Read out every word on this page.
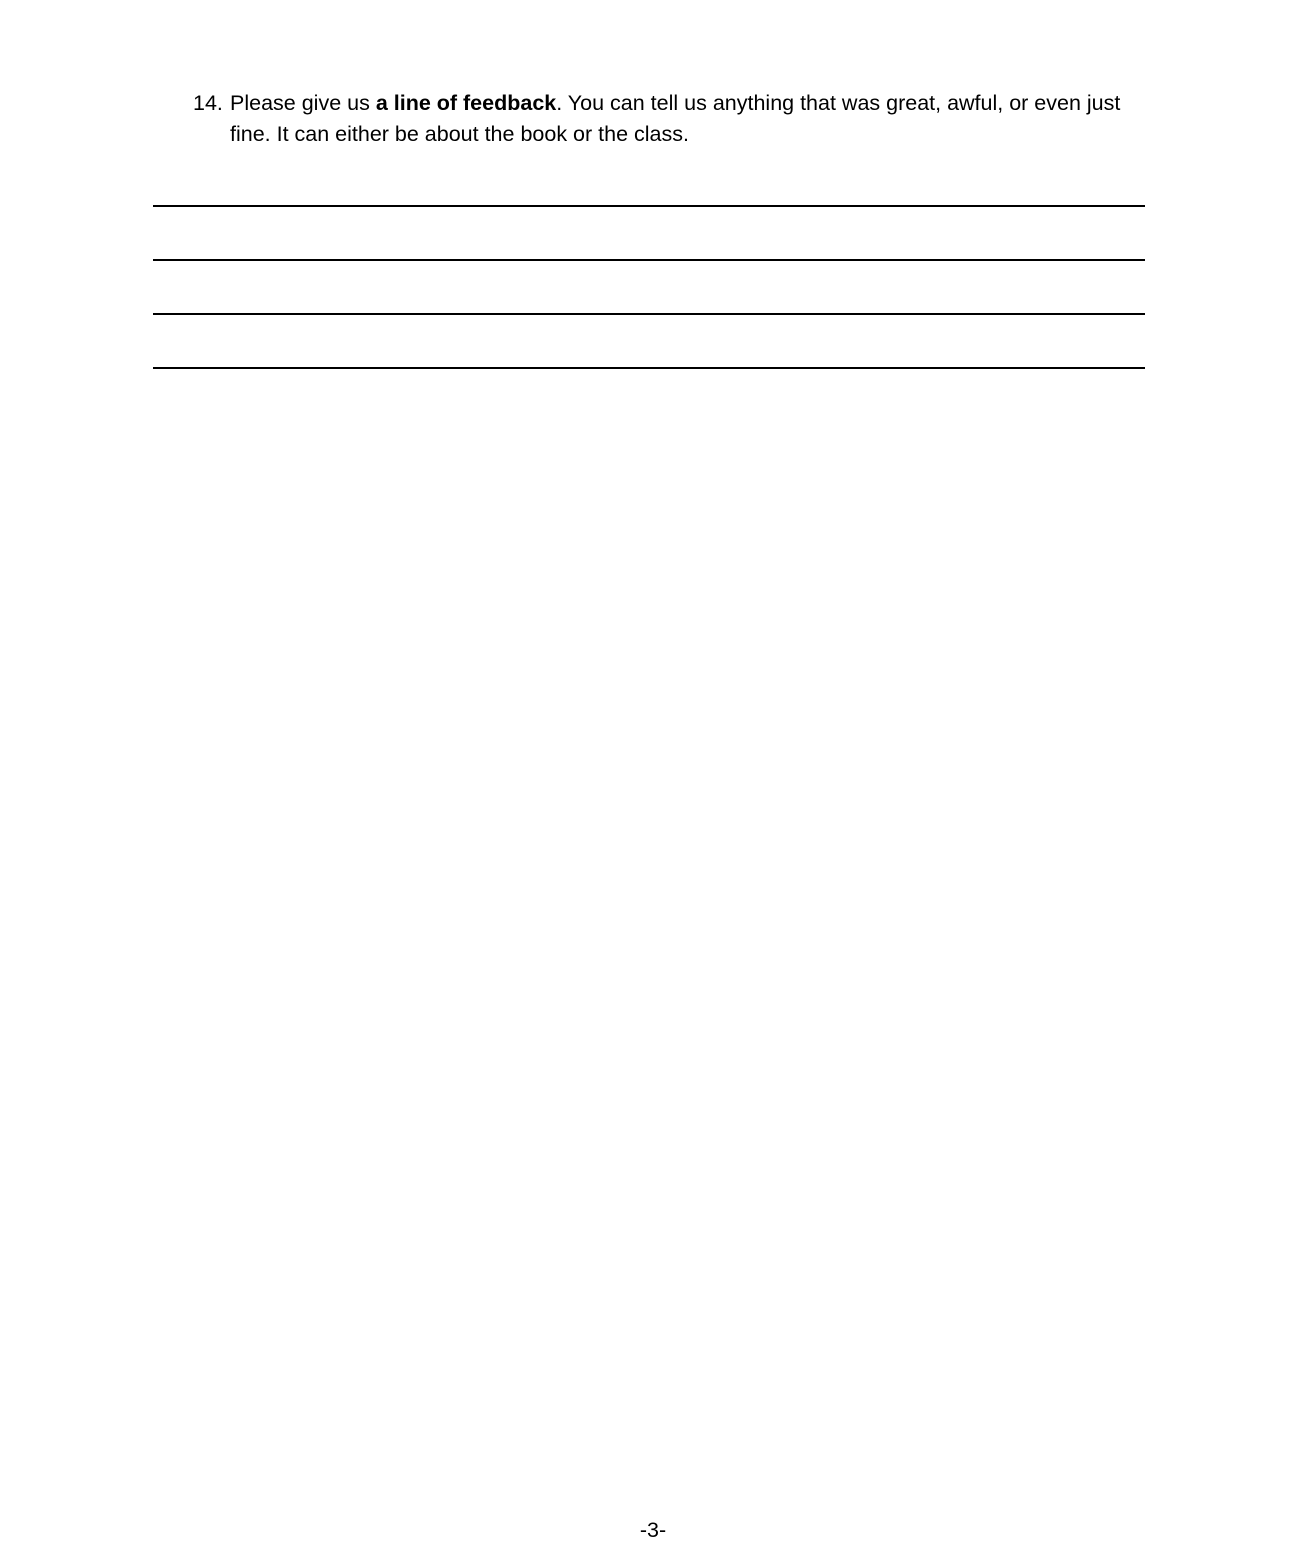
14. Please give us a line of feedback. You can tell us anything that was great, awful, or even just fine. It can either be about the book or the class.
-3-
